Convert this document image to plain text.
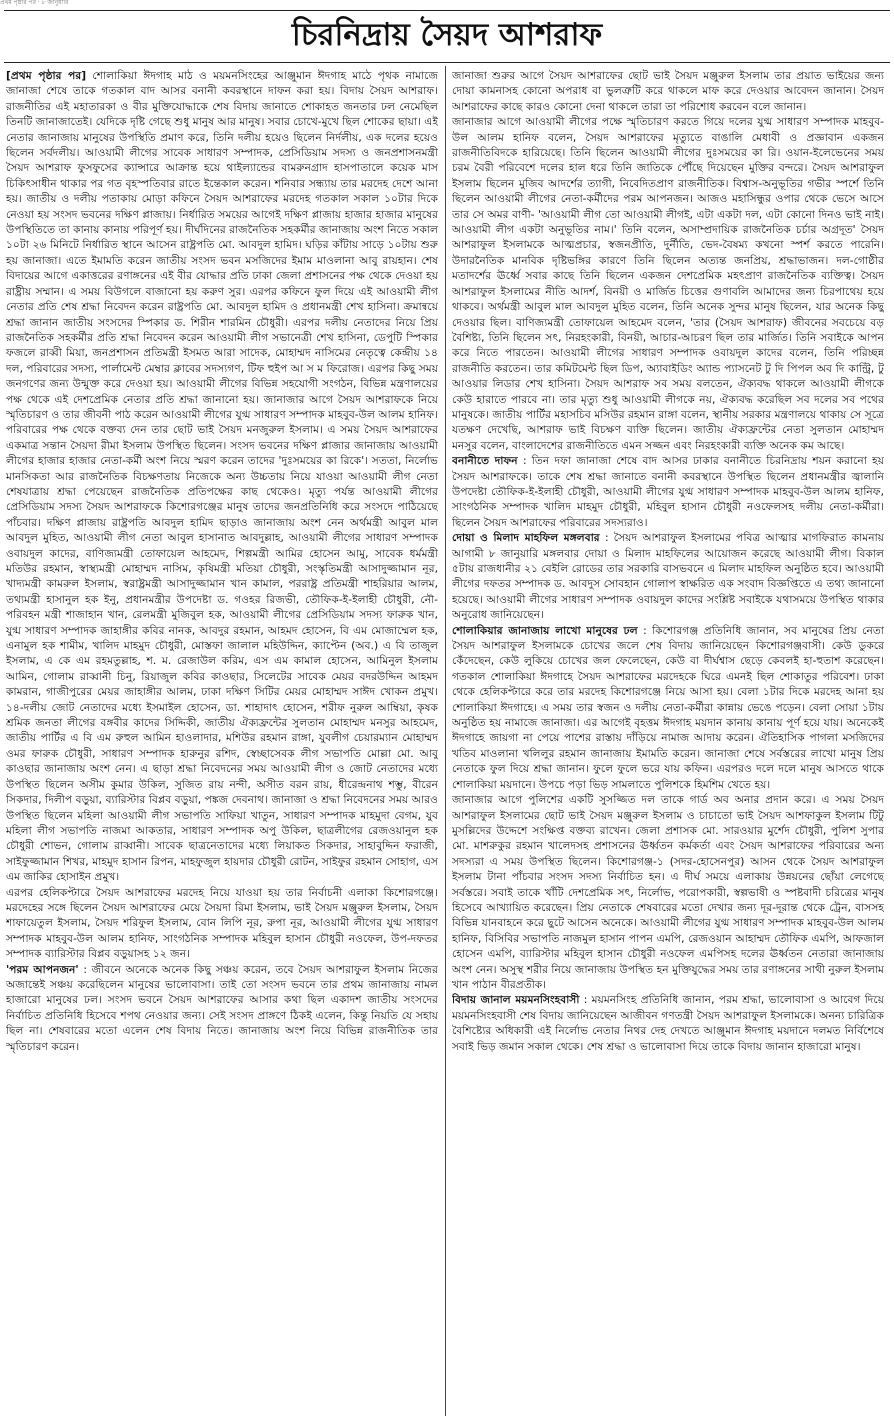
প্রথম পৃষ্ঠার পর · ৮ জানুয়ারি
চিরনিদ্রায় সৈয়দ আশরাফ

[প্রথম পৃষ্ঠার পর] শোলাকিয়া ঈদগাহ মাঠ ও ময়মনসিংহের আঞ্জুমান ঈদগাহ মাঠে পৃথক নামাজে জানাজা শেষে তাকে গতকাল বাদ আসর বনানী কবরস্থানে দাফন করা হয়। বিদায় সৈয়দ আশরাফ। রাজনীতির এই মহাতারকা ও বীর মুক্তিযোদ্ধাকে শেষ বিদায় জানাতে শোকাহত জনতার ঢল নেমেছিল তিনটি জানাজাতেই। যেদিকে দৃষ্টি গেছে শুধু মানুষ আর মানুষ। সবার চোখে-মুখে ছিল শোকের ছায়া। এই নেতার জানাজায় মানুষের উপস্থিতি প্রমাণ করে, তিনি দলীয় হয়েও ছিলেন নির্দলীয়, এক দলের হয়েও ছিলেন সর্বদলীয়। আওয়ামী লীগের সাবেক সাধারণ সম্পাদক, প্রেসিডিয়াম সদস্য ও জনপ্রশাসনমন্ত্রী সৈয়দ আশরাফ ফুসফুসের ক্যান্সারে আক্রান্ত হয়ে থাইল্যান্ডের বামরুনগ্রাদ হাসপাতালে কয়েক মাস চিকিৎসাধীন থাকার পর গত বৃহস্পতিবার রাতে ইন্তেকাল করেন। শনিবার সন্ধ্যায় তার মরদেহ দেশে আনা হয়। জাতীয় ও দলীয় পতাকায় মোড়া কফিনে সৈয়দ আশরাফের মরদেহ গতকাল সকাল ১০টার দিকে নেওয়া হয় সংসদ ভবনের দক্ষিণ প্লাজায়। নির্ধারিত সময়ের আগেই দক্ষিণ প্লাজায় হাজার হাজার মানুষের উপস্থিতিতে তা কানায় কানায় পরিপূর্ণ হয়। দীর্ঘদিনের রাজনৈতিক সহকর্মীর জানাজায় অংশ নিতে সকাল ১০টা ২৬ মিনিটে নির্ধারিত স্থানে আসেন রাষ্ট্রপতি মো. আবদুল হামিদ। ঘড়ির কাঁটায় সাড়ে ১০টায় শুরু হয় জানাজা। এতে ইমামতি করেন জাতীয় সংসদ ভবন মসজিদের ইমাম মাওলানা আবু রায়হান। শেষ বিদায়ের আগে একাত্তরের রণাঙ্গনের এই বীর যোদ্ধার প্রতি ঢাকা জেলা প্রশাসনের পক্ষ থেকে দেওয়া হয় রাষ্ট্রীয় সম্মান। এ সময় বিউগলে বাজানো হয় করুণ সুর। এরপর কফিনে ফুল দিয়ে এই আওয়ামী লীগ নেতার প্রতি শেষ শ্রদ্ধা নিবেদন করেন রাষ্ট্রপতি মো. আবদুল হামিদ ও প্রধানমন্ত্রী শেখ হাসিনা। ক্রমান্বয়ে শ্রদ্ধা জানান জাতীয় সংসদের স্পিকার ড. শিরীন শারমিন চৌধুরী। এরপর দলীয় নেতাদের নিয়ে প্রিয় রাজনৈতিক সহকর্মীর প্রতি শ্রদ্ধা নিবেদন করেন আওয়ামী লীগ সভানেত্রী শেখ হাসিনা, ডেপুটি স্পিকার ফজলে রাব্বী মিয়া, জনপ্রশাসন প্রতিমন্ত্রী ইসমত আরা সাদেক, মোহাম্মদ নাসিমের নেতৃত্বে কেন্দ্রীয় ১৪ দল, পরিবারের সদস্য, পার্লামেন্ট মেম্বার ক্লাবের সদস্যগণ, টিফ হুইপ আ স ম ফিরোজ। এরপর কিছু সময় জনগণের জন্য উন্মুক্ত করে দেওয়া হয়। আওয়ামী লীগের বিভিন্ন সহযোগী সংগঠন, বিভিন্ন মন্ত্রণালয়ের পক্ষ থেকে এই দেশপ্রেমিক নেতার প্রতি শ্রদ্ধা জানানো হয়। জানাজার আগে সৈয়দ আশরাফকে নিয়ে স্মৃতিচারণ ও তার জীবনী পাঠ করেন আওয়ামী লীগের যুগ্ম সাধারণ সম্পাদক মাহবুব-উল আলম হানিফ। পরিবারের পক্ষ থেকে বক্তব্য দেন তার ছোট ভাই সৈয়দ মনজুরুল ইসলাম। এ সময় সৈয়দ আশরাফের একমাত্র সন্তান সৈয়দা রীমা ইসলাম উপস্থিত ছিলেন। সংসদ ভবনের দক্ষিণ প্লাজার জানাজায় আওয়ামী লীগের হাজার হাজার নেতা-কর্মী অংশ নিয়ে স্মরণ করেন তাদের 'দুঃসময়ের কা রিকে'। সততা, নির্লোভ মানসিকতা আর রাজনৈতিক বিচক্ষণতায় নিজেকে অন্য উচ্চতায় নিয়ে যাওয়া আওয়ামী লীগ নেতা শেষযাত্রায় শ্রদ্ধা পেয়েছেন রাজনৈতিক প্রতিপক্ষের কাছ থেকেও। মৃত্যু পর্যন্ত আওয়ামী লীগের প্রেসিডিয়াম সদস্য সৈয়দ আশরাফকে কিশোরগঞ্জের মানুষ তাদের জনপ্রতিনিধি করে সংসদে পাঠিয়েছে পাঁচবার। দক্ষিণ প্লাজায় রাষ্ট্রপতি আবদুল হামিদ ছাড়াও জানাজায় অংশ নেন অর্থমন্ত্রী আবুল মাল আবদুল মুহিত, আওয়ামী লীগ নেতা আবুল হাসানাত আবদুল্লাহ, আওয়ামী লীগের সাধারণ সম্পাদক ওবায়দুল কাদের, বাণিজ্যমন্ত্রী তোফায়েল আহমেদ, শিল্পমন্ত্রী আমির হোসেন আমু, সাবেক ধর্মমন্ত্রী মতিউর রহমান, স্বাস্থ্যমন্ত্রী মোহাম্মদ নাসিম, কৃষিমন্ত্রী মতিয়া চৌধুরী, সংস্কৃতিমন্ত্রী আসাদুজ্জামান নূর, খাদ্যমন্ত্রী কামরুল ইসলাম, স্বরাষ্ট্রমন্ত্রী আসাদুজ্জামান খান কামাল, পররাষ্ট্র প্রতিমন্ত্রী শাহরিয়ার আলম, তথ্যমন্ত্রী হাসানুল হক ইনু, প্রধানমন্ত্রীর উপদেষ্টা ড. গওহর রিজভী, তৌফিক-ই-ইলাহী চৌধুরী, নৌ-পরিবহন মন্ত্রী শাজাহান খান, রেলমন্ত্রী মুজিবুল হক, আওয়ামী লীগের প্রেসিডিয়াম সদস্য ফারুক খান, যুগ্ম সাধারণ সম্পাদক জাহাঙ্গীর কবির নানক, আবদুর রহমান, আহমদ হোসেন, বি এম মোজাম্মেল হক, এনামুল হক শামীম, খালিদ মাহমুদ চৌধুরী, মোস্তফা জালাল মহিউদ্দিন, ক্যাপ্টেন (অব.) এ বি তাজুল ইসলাম, এ কে এম রহমতুল্লাহ, শ. ম. রেজাউল করিম, এস এম কামাল হোসেন, আমিনুল ইসলাম আমিন, গোলাম রাব্বানী চিনু, রিয়াজুল কবির কাওছার, সিলেটের সাবেক মেয়র বদরউদ্দিন আহমদ কামরান, গাজীপুরের মেয়র জাহাঙ্গীর আলম, ঢাকা দক্ষিণ সিটির মেয়র মোহাম্মদ সাঈদ খোকন প্রমুখ। ১৪-দলীয় জোট নেতাদের মধ্যে ইসমাইল হোসেন, ডা. শাহাদাৎ হোসেন, শরীফ নুরুল আম্বিয়া, কৃষক শ্রমিক জনতা লীগের বঙ্গবীর কাদের সিদ্দিকী, জাতীয় ঐক্যফ্রন্টের সুলতান মোহাম্মদ মনসুর আহমেদ, জাতীয় পার্টির এ বি এম রুহুল আমিন হাওলাদার, মশিউর রহমান রাঙ্গা, যুবলীগ চেয়ারম্যান মোহাম্মদ ওমর ফারুক চৌধুরী, সাধারণ সম্পাদক হারুনুর রশিদ, স্বেচ্ছাসেবক লীগ সভাপতি মোল্লা মো. আবু কাওছার জানাজায় অংশ নেন। এ ছাড়া শ্রদ্ধা নিবেদনের সময় আওয়ামী লীগ ও জোট নেতাদের মধ্যে উপস্থিত ছিলেন অসীম কুমার উকিল, সুজিত রায় নন্দী, অসীত বরন রায়, ধীরেন্দ্রনাথ শম্ভু, বীরেন সিকদার, দিলীপ বড়ুয়া, ব্যারিস্টার বিপ্লব বড়ুয়া, পঙ্কজ দেবনাথ। জানাজা ও শ্রদ্ধা নিবেদনের সময় আরও উপস্থিত ছিলেন মহিলা আওয়ামী লীগ সভাপতি সাফিয়া খাতুন, সাধারণ সম্পাদক মাহমুদা বেগম, যুব মহিলা লীগ সভাপতি নাজমা আকতার, সাধারণ সম্পাদক অপু উকিল, ছাত্রলীগের রেজওয়ানুল হক চৌধুরী শোভন, গোলাম রাব্বানী। সাবেক ছাত্রনেতাদের মধ্যে লিয়াকত সিকদার, সাহাবুদ্দিন ফরাজী, সাইফুজ্জামান শিখর, মাহমুদ হাসান রিপন, মাহফুজুল হায়দার চৌধুরী রোটন, সাইফুর রহমান সোহাগ, এস এম জাকির হোসাইন প্রমুখ।

এরপর হেলিকপ্টারে সৈয়দ আশরাফের মরদেহ নিয়ে যাওয়া হয় তার নির্বাচনী এলাকা কিশোরগঞ্জে। মরদেহের সঙ্গে ছিলেন সৈয়দ আশরাফের মেয়ে সৈয়দা রিমা ইসলাম, ভাই সৈয়দ মঞ্জুরুল ইসলাম, সৈয়দ শাফায়েতুল ইসলাম, সৈয়দ শরিফুল ইসলাম, বোন লিপি নূর, রুপা নূর, আওয়ামী লীগের যুগ্ম সাধারণ সম্পাদক মাহবুব-উল আলম হানিফ, সাংগঠনিক সম্পাদক মহিবুল হাসান চৌধুরী নওফেল, উপ-দফতর সম্পাদক ব্যারিস্টার বিপ্লব বড়ুয়াসহ ১২ জন।

'পরম আপনজন' : জীবনে অনেকে অনেক কিছু সঞ্চয় করেন, তবে সৈয়দ আশরাফুল ইসলাম নিজের অজান্তেই সঞ্চয় করেছিলেন মানুষের ভালোবাসা। তাই তো সংসদ ভবনে তার প্রথম জানাজায় নামল হাজারো মানুষের ঢল। সংসদ ভবনে সৈয়দ আশরাফের আসার কথা ছিল একাদশ জাতীয় সংসদের নির্বাচিত প্রতিনিধি হিসেবে শপথ নেওয়ার জন্য। সেই সংসদ প্রাঙ্গণে ঠিকই এলেন, কিন্তু নিয়তি যে সহায় ছিল না। শেষবারের মতো এলেন শেষ বিদায় নিতে। জানাজায় অংশ নিয়ে বিভিন্ন রাজনীতিক তার স্মৃতিচারণ করেন।

জানাজা শুরুর আগে সৈয়দ আশরাফের ছোট ভাই সৈয়দ মঞ্জুরুল ইসলাম তার প্রয়াত ভাইয়ের জন্য দোয়া কামনাসহ কোনো অপরাধ বা ভুলত্রুটি করে থাকলে মাফ করে দেওয়ার আবেদন জানান। সৈয়দ আশরাফের কাছে কারও কোনো দেনা থাকলে তারা তা পরিশোধ করবেন বলে জানান।

জানাজার আগে আওয়ামী লীগের পক্ষে স্মৃতিচারণ করতে গিয়ে দলের যুগ্ম সাধারণ সম্পাদক মাহবুব-উল আলম হানিফ বলেন, সৈয়দ আশরাফের মৃত্যুতে বাঙালি মেধাবী ও প্রজ্ঞাবান একজন রাজনীতিবিদকে হারিয়েছে। তিনি ছিলেন আওয়ামী লীগের দুঃসময়ের কা রি। ওয়ান-ইলেভেনের সময় চরম বৈরী পরিবেশে দলের হাল ধরে তিনি জাতিকে পৌঁছে দিয়েছেন মুক্তির বন্দরে। সৈয়দ আশরাফুল ইসলাম ছিলেন মুজিব আদর্শের ত্যাগী, নিবেদিতপ্রাণ রাজনীতিক। বিশ্বাস-অনুভূতির গভীর স্পর্শে তিনি ছিলেন আওয়ামী লীগের নেতা-কর্মীদের পরম আপনজন। আজও মহাসিন্ধুর ওপার থেকে ভেসে আসে তার সে অমর বাণী- 'আওয়ামী লীগ তো আওয়ামী লীগই, এটা একটা দল, এটা কোনো দিনও ভাই নাই। আওয়ামী লীগ একটা অনুভূতির নাম।' তিনি বলেন, অসাম্প্রদায়িক রাজনৈতিক চর্চার অগ্রদূত' সৈয়দ আশরাফুল ইসলামকে আত্মপ্রচার, স্বজনপ্রীতি, দুর্নীতি, ভেদ-বৈষম্য কখনো স্পর্শ করতে পারেনি। উদারনৈতিক মানবিক দৃষ্টিভঙ্গির কারণে তিনি ছিলেন অত্যন্ত জনপ্রিয়, শ্রদ্ধাভাজন। দল-গোষ্ঠীর মতাদর্শের ঊর্ধ্বে সবার কাছে তিনি ছিলেন একজন দেশপ্রেমিক মহৎপ্রাণ রাজনৈতিক ব্যক্তিত্ব। সৈয়দ আশরাফুল ইসলামের নীতি আদর্শ, বিনয়ী ও মার্জিত চিত্তের গুণাবলি আমাদের জন্য চিরপাথেয় হয়ে থাকবে। অর্থমন্ত্রী আবুল মাল আবদুল মুহিত বলেন, তিনি অনেক সুন্দর মানুষ ছিলেন, যার অনেক কিছু দেওয়ার ছিল। বাণিজ্যমন্ত্রী তোফায়েল আহমেদ বলেন, 'তার (সৈয়দ আশরাফ) জীবনের সবচেয়ে বড় বৈশিষ্ট্য, তিনি ছিলেন সৎ, নিরহংকারী, বিনয়ী, আচার-আচরণ ছিল তার মার্জিত। তিনি সবাইকে আপন করে নিতে পারতেন। আওয়ামী লীগের সাধারণ সম্পাদক ওবায়দুল কাদের বলেন, তিনি পরিচ্ছন্ন রাজনীতি করতেন। তার কমিটমেন্ট ছিল ডিপ, অ্যাবাইডিং অ্যান্ড প্যাসনেট টু দি পিপল অব দি কান্ট্রি, টু আওয়ার লিডার শেখ হাসিনা। সৈয়দ আশরাফ সব সময় বলতেন, ঐক্যবদ্ধ থাকলে আওয়ামী লীগকে কেউ হারাতে পারবে না। তার মৃত্যু শুধু আওয়ামী লীগকে নয়, ঐক্যবদ্ধ করেছিল সব দলের সব পথের মানুষকে। জাতীয় পার্টির মহাসচিব মসিউর রহমান রাঙ্গা বলেন, স্থানীয় সরকার মন্ত্রণালয়ে থাকায় সে সূত্রে যতক্ষণ দেখেছি, আশরাফ ভাই বিচক্ষণ ব্যক্তি ছিলেন। জাতীয় ঐক্যফ্রন্টের নেতা সুলতান মোহাম্মদ মনসুর বলেন, বাংলাদেশের রাজনীতিতে এমন সজ্জন এবং নিরহংকারী ব্যক্তি অনেক কম আছে।

বনানীতে দাফন : তিন দফা জানাজা শেষে বাদ আসর ঢাকার বনানীতে চিরনিদ্রায় শয়ন করানো হয় সৈয়দ আশরাফকে। তাকে শেষ শ্রদ্ধা জানাতে বনানী কবরস্থানে উপস্থিত ছিলেন প্রধানমন্ত্রীর জ্বালানি উপদেষ্টা তৌফিক-ই-ইলাহী চৌধুরী, আওয়ামী লীগের যুগ্ম সাধারণ সম্পাদক মাহবুব-উল আলম হানিফ, সাংগঠনিক সম্পাদক খালিদ মাহমুদ চৌধুরী, মহিবুল হাসান চৌধুরী নওফেলসহ দলীয় নেতা-কর্মীরা। ছিলেন সৈয়দ আশরাফের পরিবারের সদস্যরাও।

দোয়া ও মিলাদ মাহফিল মঙ্গলবার : সৈয়দ আশরাফুল ইসলামের পবিত্র আত্মার মাগফিরাত কামনায় আগামী ৮ জানুয়ারি মঙ্গলবার দোয়া ও মিলাদ মাহফিলের আয়োজন করেছে আওয়ামী লীগ। বিকাল ৫টায় রাজধানীর ২১ বেইলি রোডের তার সরকারি বাসভবনে এ মিলাদ মাহফিল অনুষ্ঠিত হবে। আওয়ামী লীগের দফতর সম্পাদক ড. আবদুস সোবহান গোলাপ স্বাক্ষরিত এক সংবাদ বিজ্ঞপ্তিতে এ তথ্য জানানো হয়েছে। আওয়ামী লীগের সাধারণ সম্পাদক ওবায়দুল কাদের সংশ্লিষ্ট সবাইকে যথাসময়ে উপস্থিত থাকার অনুরোধ জানিয়েছেন।

শোলাকিয়ার জানাজায় লাখো মানুষের ঢল : কিশোরগঞ্জ প্রতিনিধি জানান, সব মানুষের প্রিয় নেতা সৈয়দ আশরাফুল ইসলামকে চোখের জলে শেষ বিদায় জানিয়েছেন কিশোরগঞ্জবাসী। কেউ ডুকরে কেঁদেছেন, কেউ লুকিয়ে চোখের জল ফেলেছেন, কেউ বা দীর্ঘশ্বাস ছেড়ে কেবলই হা-হুতাশ করেছেন। গতকাল শোলাকিয়া ঈদগাহে সৈয়দ আশরাফের মরদেহকে ঘিরে এমনই ছিল শোকাতুর পরিবেশ। ঢাকা থেকে হেলিকপ্টারে করে তার মরদেহ কিশোরগঞ্জে নিয়ে আসা হয়। বেলা ১টার দিকে মরদেহ আনা হয় শোলাকিয়া ঈদগাহে। এ সময় তার স্বজন ও দলীয় নেতা-কর্মীরা কান্নায় ভেঙে পড়েন। বেলা সোয়া ১টায় অনুষ্ঠিত হয় নামাজে জানাজা। এর আগেই বৃহত্তম ঈদগাহ ময়দান কানায় কানায় পূর্ণ হয়ে যায়। অনেকেই ঈদগাহে জায়গা না পেয়ে পাশের রাস্তায় দাঁড়িয়ে নামাজ আদায় করেন। ঐতিহাসিক পাগলা মসজিদের খতিব মাওলানা খলিলুর রহমান জানাজায় ইমামতি করেন। জানাজা শেষে সর্বস্তরের লাখো মানুষ প্রিয় নেতাকে ফুল দিয়ে শ্রদ্ধা জানান। ফুলে ফুলে ভরে যায় কফিন। এরপরও দলে দলে মানুষ আসতে থাকে শোলাকিয়া ময়দানে। উপচে পড়া ভিড় সামলাতে পুলিশকে হিমশিম খেতে হয়।

জানাজার আগে পুলিশের একটি সুসজ্জিত দল তাকে গার্ড অব অনার প্রদান করে। এ সময় সৈয়দ আশরাফুল ইসলামের ছোট ভাই সৈয়দ মঞ্জুরুল ইসলাম ও চাচাতো ভাই সৈয়দ আশফাকুল ইসলাম টিটু মুসল্লিদের উদ্দেশে সংক্ষিপ্ত বক্তব্য রাখেন। জেলা প্রশাসক মো. সারওয়ার মুর্শেদ চৌধুরী, পুলিশ সুপার মো. মাশরুকুর রহমান খালেদসহ প্রশাসনের ঊর্ধ্বতন কর্মকর্তা এবং সৈয়দ আশরাফের পরিবারের অন্য সদস্যরা এ সময় উপস্থিত ছিলেন। কিশোরগঞ্জ-১ (সদর-হোসেনপুর) আসন থেকে সৈয়দ আশরাফুল ইসলাম টানা পাঁচবার সংসদ সদস্য নির্বাচিত হন। এ দীর্ঘ সময়ে এলাকায় উন্নয়নের ছোঁয়া লেগেছে সর্বস্তরে। সবাই তাকে খাঁটি দেশপ্রেমিক সৎ, নির্লোভ, পরোপকারী, স্বল্পভাষী ও স্পষ্টবাদী চরিত্রের মানুষ হিসেবে আখ্যায়িত করেছেন। প্রিয় নেতাকে শেষবারের মতো দেখার জন্য দূর-দূরান্ত থেকে ট্রেন, বাসসহ বিভিন্ন যানবাহনে করে ছুটে আসেন অনেকে। আওয়ামী লীগের যুগ্ম সাধারণ সম্পাদক মাহবুব-উল আলম হানিফ, বিসিবির সভাপতি নাজমুল হাসান পাপন এমপি, রেজওয়ান আহাম্মদ তৌফিক এমপি, আফজাল হোসেন এমপি, ব্যারিস্টার মহিবুল হাসান চৌধুরী নওফেল এমপিসহ দলের ঊর্ধ্বতন নেতারা জানাজায় অংশ নেন। অসুস্থ শরীর নিয়ে জানাজায় উপস্থিত হন মুক্তিযুদ্ধের সময় তার রণাঙ্গনের সাথী নুরুল ইসলাম খান পাঠান বীরপ্রতীক।

বিদায় জানাল ময়মনসিংহবাসী : ময়মনসিংহ প্রতিনিধি জানান, পরম শ্রদ্ধা, ভালোবাসা ও আবেগ দিয়ে ময়মনসিংহবাসী শেষ বিদায় জানিয়েছেন আজীবন গণতন্ত্রী সৈয়দ আশরাফুল ইসলামকে। অনন্য চারিত্রিক বৈশিষ্ট্যের অধিকারী এই নির্লোভ নেতার নিথর দেহ দেখতে আঞ্জুমান ঈদগাহ ময়দানে দলমত নির্বিশেষে সবাই ভিড় জমান সকাল থেকে। শেষ শ্রদ্ধা ও ভালোবাসা দিয়ে তাকে বিদায় জানান হাজারো মানুষ।
